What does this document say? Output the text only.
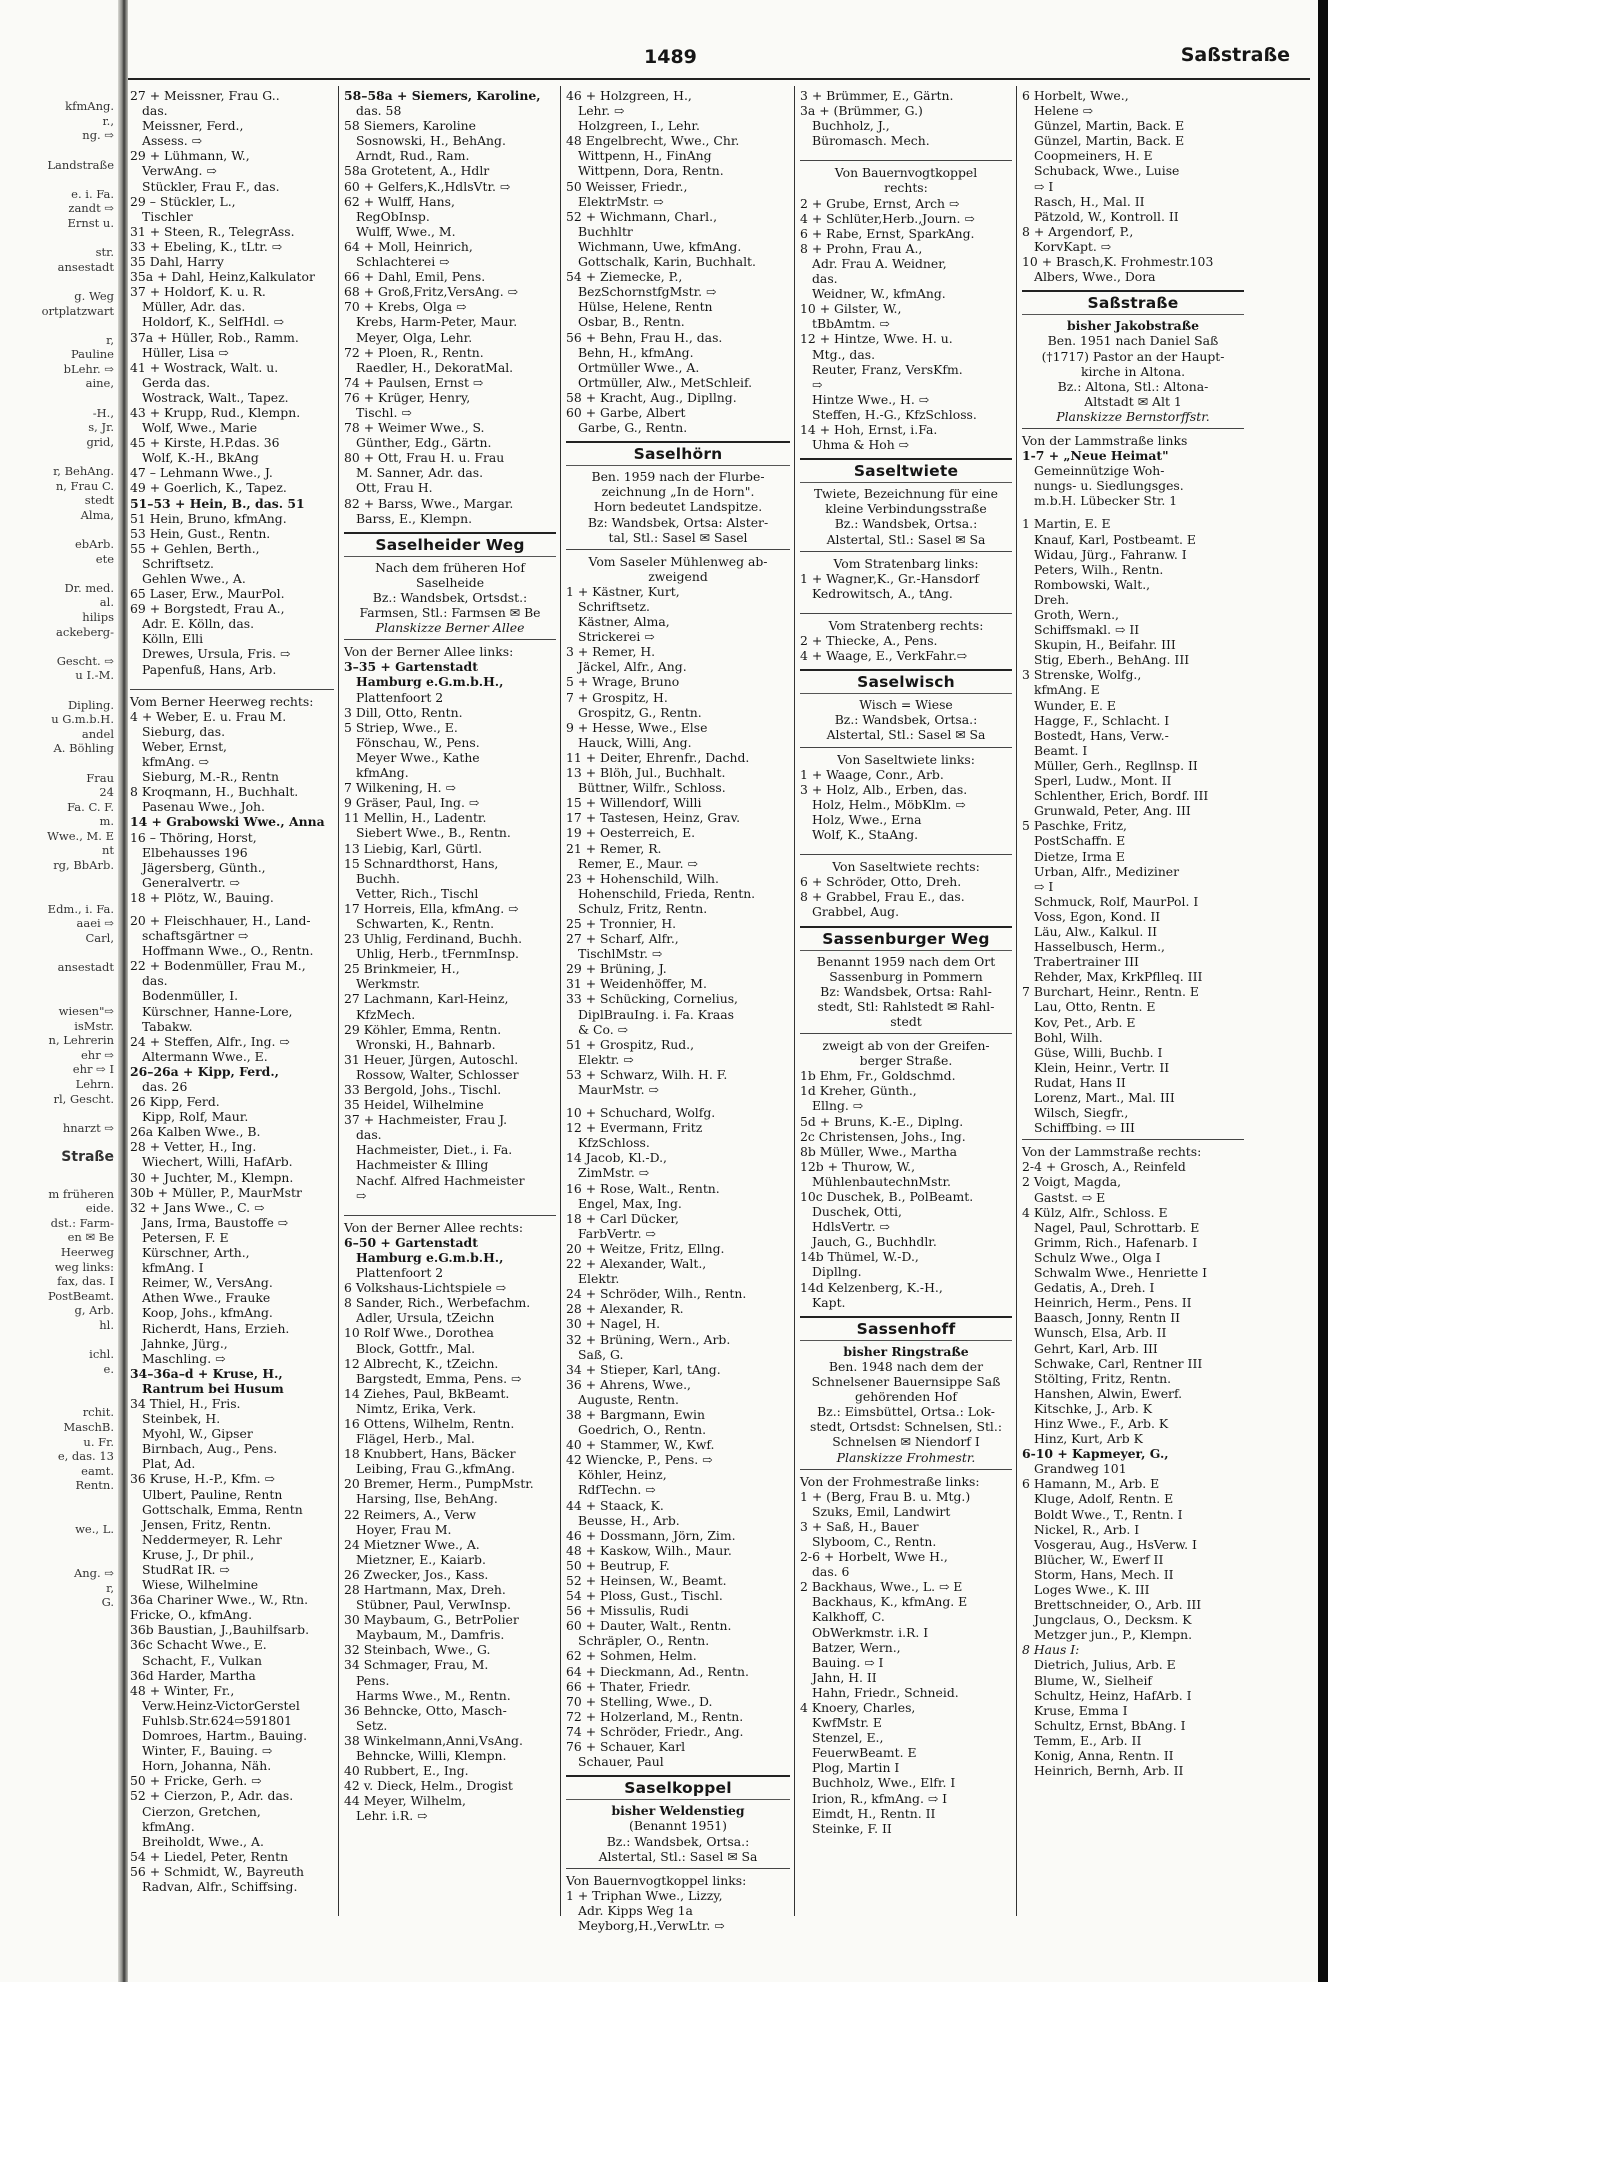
kfmAng.
r.,
ng. ⇨
Landstraße
e. i. Fa.
zandt ⇨
Ernst u.
str.
ansestadt
g. Weg
ortplatzwart
r,
Pauline
bLehr. ⇨
aine,
-H.,
s, Jr.
grid,
r, BehAng.
n, Frau C.
stedt
Alma,
ebArb.
ete
Dr. med.
al.
hilips
ackeberg-
Gescht. ⇨
u I.-M.
Dipling.
u G.m.b.H.
andel
A. Böhling
Frau
24
Fa. C. F.
m.
Wwe., M. E
nt
rg, BbArb.
Edm., i. Fa.
aaei ⇨
Carl,
ansestadt
wiesen"⇨
isMstr.
n, Lehrerin
ehr ⇨
ehr ⇨ I
Lehrn.
rl, Gescht.
hnarzt ⇨
Straße
m früheren
eide.
dst.: Farm-
en ✉ Be
Heerweg
weg links:
fax, das. I
PostBeamt.
g, Arb.
hl.
ichl.
e.
rchit.
MaschB.
u. Fr.
e, das. 13
eamt.
Rentn.
we., L.
Ang. ⇨
r,
G.
1489	Saßstraße
27 + Meissner, Frau G..
das.
Meissner, Ferd.,
Assess. ⇨
29 + Lühmann, W.,
VerwAng. ⇨
Stückler, Frau F., das.
29 – Stückler, L.,
Tischler
31 + Steen, R., TelegrAss.
33 + Ebeling, K., tLtr. ⇨
35 Dahl, Harry
35a + Dahl, Heinz,Kalkulator
37 + Holdorf, K. u. R.
Müller, Adr. das.
Holdorf, K., SelfHdl. ⇨
37a + Hüller, Rob., Ramm.
Hüller, Lisa ⇨
41 + Wostrack, Walt. u.
Gerda das.
Wostrack, Walt., Tapez.
43 + Krupp, Rud., Klempn.
Wolf, Wwe., Marie
45 + Kirste, H.P.das. 36
Wolf, K.-H., BkAng
47 – Lehmann Wwe., J.
49 + Goerlich, K., Tapez.
51–53 + Hein, B., das. 51
51 Hein, Bruno, kfmAng.
53 Hein, Gust., Rentn.
55 + Gehlen, Berth.,
Schriftsetz.
Gehlen Wwe., A.
65 Laser, Erw., MaurPol.
69 + Borgstedt, Frau A.,
Adr. E. Kölln, das.
Kölln, Elli
Drewes, Ursula, Fris. ⇨
Papenfuß, Hans, Arb.
Vom Berner Heerweg rechts:
4 + Weber, E. u. Frau M.
Sieburg, das.
Weber, Ernst,
kfmAng. ⇨
Sieburg, M.-R., Rentn
8 Kroqmann, H., Buchhalt.
Pasenau Wwe., Joh.
14 + Grabowski Wwe., Anna
16 – Thöring, Horst,
Elbehausses 196
Jägersberg, Günth.,
Generalvertr. ⇨
18 + Plötz, W., Bauing.
20 + Fleischhauer, H., Land-
schaftsgärtner ⇨
Hoffmann Wwe., O., Rentn.
22 + Bodenmüller, Frau M.,
das.
Bodenmüller, I.
Kürschner, Hanne-Lore,
Tabakw.
24 + Steffen, Alfr., Ing. ⇨
Altermann Wwe., E.
26–26a + Kipp, Ferd.,
das. 26
26 Kipp, Ferd.
Kipp, Rolf, Maur.
26a Kalben Wwe., B.
28 + Vetter, H., Ing.
Wiechert, Willi, HafArb.
30 + Juchter, M., Klempn.
30b + Müller, P., MaurMstr
32 + Jans Wwe., C. ⇨
Jans, Irma, Baustoffe ⇨
Petersen, F. E
Kürschner, Arth.,
kfmAng. I
Reimer, W., VersAng.
Athen Wwe., Frauke
Koop, Johs., kfmAng.
Richerdt, Hans, Erzieh.
Jahnke, Jürg.,
Maschling. ⇨
34–36a–d + Kruse, H.,
Rantrum bei Husum
34 Thiel, H., Fris.
Steinbek, H.
Myohl, W., Gipser
Birnbach, Aug., Pens.
Plat, Ad.
36 Kruse, H.-P., Kfm. ⇨
Ulbert, Pauline, Rentn
Gottschalk, Emma, Rentn
Jensen, Fritz, Rentn.
Neddermeyer, R. Lehr
Kruse, J., Dr phil.,
StudRat IR. ⇨
Wiese, Wilhelmine
36a Chariner Wwe., W., Rtn.
Fricke, O., kfmAng.
36b Baustian, J.,Bauhilfsarb.
36c Schacht Wwe., E.
Schacht, F., Vulkan
36d Harder, Martha
48 + Winter, Fr.,
Verw.Heinz-VictorGerstel
Fuhlsb.Str.624⇨591801
Domroes, Hartm., Bauing.
Winter, F., Bauing. ⇨
Horn, Johanna, Näh.
50 + Fricke, Gerh. ⇨
52 + Cierzon, P., Adr. das.
Cierzon, Gretchen,
kfmAng.
Breiholdt, Wwe., A.
54 + Liedel, Peter, Rentn
56 + Schmidt, W., Bayreuth
Radvan, Alfr., Schiffsing.
58–58a + Siemers, Karoline,
das. 58
58 Siemers, Karoline
Sosnowski, H., BehAng.
Arndt, Rud., Ram.
58a Grotetent, A., Hdlr
60 + Gelfers,K.,HdlsVtr. ⇨
62 + Wulff, Hans,
RegObInsp.
Wulff, Wwe., M.
64 + Moll, Heinrich,
Schlachterei ⇨
66 + Dahl, Emil, Pens.
68 + Groß,Fritz,VersAng. ⇨
70 + Krebs, Olga ⇨
Krebs, Harm-Peter, Maur.
Meyer, Olga, Lehr.
72 + Ploen, R., Rentn.
Raedler, H., DekoratMal.
74 + Paulsen, Ernst ⇨
76 + Krüger, Henry,
Tischl. ⇨
78 + Weimer Wwe., S.
Günther, Edg., Gärtn.
80 + Ott, Frau H. u. Frau
M. Sanner, Adr. das.
Ott, Frau H.
82 + Barss, Wwe., Margar.
Barss, E., Klempn.
Saselheider Weg
Nach dem früheren Hof
Saselheide
Bz.: Wandsbek, Ortsdst.:
Farmsen, Stl.: Farmsen ✉ Be
Planskizze Berner Allee
Von der Berner Allee links:
3–35 + Gartenstadt
Hamburg e.G.m.b.H.,
Plattenfoort 2
3 Dill, Otto, Rentn.
5 Striep, Wwe., E.
Fönschau, W., Pens.
Meyer Wwe., Kathe
kfmAng.
7 Wilkening, H. ⇨
9 Gräser, Paul, Ing. ⇨
11 Mellin, H., Ladentr.
Siebert Wwe., B., Rentn.
13 Liebig, Karl, Gürtl.
15 Schnardthorst, Hans,
Buchh.
Vetter, Rich., Tischl
17 Horreis, Ella, kfmAng. ⇨
Schwarten, K., Rentn.
23 Uhlig, Ferdinand, Buchh.
Uhlig, Herb., tFernmInsp.
25 Brinkmeier, H.,
Werkmstr.
27 Lachmann, Karl-Heinz,
KfzMech.
29 Köhler, Emma, Rentn.
Wronski, H., Bahnarb.
31 Heuer, Jürgen, Autoschl.
Rossow, Walter, Schlosser
33 Bergold, Johs., Tischl.
35 Heidel, Wilhelmine
37 + Hachmeister, Frau J.
das.
Hachmeister, Diet., i. Fa.
Hachmeister & Illing
Nachf. Alfred Hachmeister
⇨
Von der Berner Allee rechts:
6–50 + Gartenstadt
Hamburg e.G.m.b.H.,
Plattenfoort 2
6 Volkshaus-Lichtspiele ⇨
8 Sander, Rich., Werbefachm.
Adler, Ursula, tZeichn
10 Rolf Wwe., Dorothea
Block, Gottfr., Mal.
12 Albrecht, K., tZeichn.
Bargstedt, Emma, Pens. ⇨
14 Ziehes, Paul, BkBeamt.
Nimtz, Erika, Verk.
16 Ottens, Wilhelm, Rentn.
Flägel, Herb., Mal.
18 Knubbert, Hans, Bäcker
Leibing, Frau G.,kfmAng.
20 Bremer, Herm., PumpMstr.
Harsing, Ilse, BehAng.
22 Reimers, A., Verw
Hoyer, Frau M.
24 Mietzner Wwe., A.
Mietzner, E., Kaiarb.
26 Zwecker, Jos., Kass.
28 Hartmann, Max, Dreh.
Stübner, Paul, VerwInsp.
30 Maybaum, G., BetrPolier
Maybaum, M., Damfris.
32 Steinbach, Wwe., G.
34 Schmager, Frau, M.
Pens.
Harms Wwe., M., Rentn.
36 Behncke, Otto, Masch-
Setz.
38 Winkelmann,Anni,VsAng.
Behncke, Willi, Klempn.
40 Rubbert, E., Ing.
42 v. Dieck, Helm., Drogist
44 Meyer, Wilhelm,
Lehr. i.R. ⇨
46 + Holzgreen, H.,
Lehr. ⇨
Holzgreen, I., Lehr.
48 Engelbrecht, Wwe., Chr.
Wittpenn, H., FinAng
Wittpenn, Dora, Rentn.
50 Weisser, Friedr.,
ElektrMstr. ⇨
52 + Wichmann, Charl.,
Buchhltr
Wichmann, Uwe, kfmAng.
Gottschalk, Karin, Buchhalt.
54 + Ziemecke, P.,
BezSchornstfgMstr. ⇨
Hülse, Helene, Rentn
Osbar, B., Rentn.
56 + Behn, Frau H., das.
Behn, H., kfmAng.
Ortmüller Wwe., A.
Ortmüller, Alw., MetSchleif.
58 + Kracht, Aug., Dipllng.
60 + Garbe, Albert
Garbe, G., Rentn.
Saselhörn
Ben. 1959 nach der Flurbe-
zeichnung „In de Horn".
Horn bedeutet Landspitze.
Bz: Wandsbek, Ortsa: Alster-
tal, Stl.: Sasel ✉ Sasel
Vom Saseler Mühlenweg ab-
zweigend
1 + Kästner, Kurt,
Schriftsetz.
Kästner, Alma,
Strickerei ⇨
3 + Remer, H.
Jäckel, Alfr., Ang.
5 + Wrage, Bruno
7 + Grospitz, H.
Grospitz, G., Rentn.
9 + Hesse, Wwe., Else
Hauck, Willi, Ang.
11 + Deiter, Ehrenfr., Dachd.
13 + Blöh, Jul., Buchhalt.
Büttner, Wilfr., Schloss.
15 + Willendorf, Willi
17 + Tastesen, Heinz, Grav.
19 + Oesterreich, E.
21 + Remer, R.
Remer, E., Maur. ⇨
23 + Hohenschild, Wilh.
Hohenschild, Frieda, Rentn.
Schulz, Fritz, Rentn.
25 + Tronnier, H.
27 + Scharf, Alfr.,
TischlMstr. ⇨
29 + Brüning, J.
31 + Weidenhöffer, M.
33 + Schücking, Cornelius,
DiplBrauIng. i. Fa. Kraas
& Co. ⇨
51 + Grospitz, Rud.,
Elektr. ⇨
53 + Schwarz, Wilh. H. F.
MaurMstr. ⇨
10 + Schuchard, Wolfg.
12 + Evermann, Fritz
KfzSchloss.
14 Jacob, Kl.-D.,
ZimMstr. ⇨
16 + Rose, Walt., Rentn.
Engel, Max, Ing.
18 + Carl Dücker,
FarbVertr. ⇨
20 + Weitze, Fritz, Ellng.
22 + Alexander, Walt.,
Elektr.
24 + Schröder, Wilh., Rentn.
28 + Alexander, R.
30 + Nagel, H.
32 + Brüning, Wern., Arb.
Saß, G.
34 + Stieper, Karl, tAng.
36 + Ahrens, Wwe.,
Auguste, Rentn.
38 + Bargmann, Ewin
Goedrich, O., Rentn.
40 + Stammer, W., Kwf.
42 Wiencke, P., Pens. ⇨
Köhler, Heinz,
RdfTechn. ⇨
44 + Staack, K.
Beusse, H., Arb.
46 + Dossmann, Jörn, Zim.
48 + Kaskow, Wilh., Maur.
50 + Beutrup, F.
52 + Heinsen, W., Beamt.
54 + Ploss, Gust., Tischl.
56 + Missulis, Rudi
60 + Dauter, Walt., Rentn.
Schräpler, O., Rentn.
62 + Sohmen, Helm.
64 + Dieckmann, Ad., Rentn.
66 + Thater, Friedr.
70 + Stelling, Wwe., D.
72 + Holzerland, M., Rentn.
74 + Schröder, Friedr., Ang.
76 + Schauer, Karl
Schauer, Paul
Saselkoppel
bisher Weldenstieg
(Benannt 1951)
Bz.: Wandsbek, Ortsa.:
Alstertal, Stl.: Sasel ✉ Sa
Von Bauernvogtkoppel links:
1 + Triphan Wwe., Lizzy,
Adr. Kipps Weg 1a
Meyborg,H.,VerwLtr. ⇨
3 + Brümmer, E., Gärtn.
3a + (Brümmer, G.)
Buchholz, J.,
Büromasch. Mech.
Von Bauernvogtkoppel
rechts:
2 + Grube, Ernst, Arch ⇨
4 + Schlüter,Herb.,Journ. ⇨
6 + Rabe, Ernst, SparkAng.
8 + Prohn, Frau A.,
Adr. Frau A. Weidner,
das.
Weidner, W., kfmAng.
10 + Gilster, W.,
tBbAmtm. ⇨
12 + Hintze, Wwe. H. u.
Mtg., das.
Reuter, Franz, VersKfm.
⇨
Hintze Wwe., H. ⇨
Steffen, H.-G., KfzSchloss.
14 + Hoh, Ernst, i.Fa.
Uhma & Hoh ⇨
Saseltwiete
Twiete, Bezeichnung für eine
kleine Verbindungsstraße
Bz.: Wandsbek, Ortsa.:
Alstertal, Stl.: Sasel ✉ Sa
Vom Stratenbarg links:
1 + Wagner,K., Gr.-Hansdorf
Kedrowitsch, A., tAng.
Vom Stratenberg rechts:
2 + Thiecke, A., Pens.
4 + Waage, E., VerkFahr.⇨
Saselwisch
Wisch = Wiese
Bz.: Wandsbek, Ortsa.:
Alstertal, Stl.: Sasel ✉ Sa
Von Saseltwiete links:
1 + Waage, Conr., Arb.
3 + Holz, Alb., Erben, das.
Holz, Helm., MöbKlm. ⇨
Holz, Wwe., Erna
Wolf, K., StaAng.
Von Saseltwiete rechts:
6 + Schröder, Otto, Dreh.
8 + Grabbel, Frau E., das.
Grabbel, Aug.
Sassenburger Weg
Benannt 1959 nach dem Ort
Sassenburg in Pommern
Bz: Wandsbek, Ortsa: Rahl-
stedt, Stl: Rahlstedt ✉ Rahl-
stedt
zweigt ab von der Greifen-
berger Straße.
1b Ehm, Fr., Goldschmd.
1d Kreher, Günth.,
Ellng. ⇨
5d + Bruns, K.-E., Diplng.
2c Christensen, Johs., Ing.
8b Müller, Wwe., Martha
12b + Thurow, W.,
MühlenbautechnMstr.
10c Duschek, B., PolBeamt.
Duschek, Otti,
HdlsVertr. ⇨
Jauch, G., Buchhdlr.
14b Thümel, W.-D.,
Dipllng.
14d Kelzenberg, K.-H.,
Kapt.
Sassenhoff
bisher Ringstraße
Ben. 1948 nach dem der
Schnelsener Bauernsippe Saß
gehörenden Hof
Bz.: Eimsbüttel, Ortsa.: Lok-
stedt, Ortsdst: Schnelsen, Stl.:
Schnelsen ✉ Niendorf I
Planskizze Frohmestr.
Von der Frohmestraße links:
1 + (Berg, Frau B. u. Mtg.)
Szuks, Emil, Landwirt
3 + Saß, H., Bauer
Slyboom, C., Rentn.
2-6 + Horbelt, Wwe H.,
das. 6
2 Backhaus, Wwe., L. ⇨ E
Backhaus, K., kfmAng. E
Kalkhoff, C.
ObWerkmstr. i.R. I
Batzer, Wern.,
Bauing. ⇨ I
Jahn, H. II
Hahn, Friedr., Schneid.
4 Knoery, Charles,
KwfMstr. E
Stenzel, E.,
FeuerwBeamt. E
Plog, Martin I
Buchholz, Wwe., Elfr. I
Irion, R., kfmAng. ⇨ I
Eimdt, H., Rentn. II
Steinke, F. II
6 Horbelt, Wwe.,
Helene ⇨
Günzel, Martin, Back. E
Günzel, Martin, Back. E
Coopmeiners, H. E
Schuback, Wwe., Luise
⇨ I
Rasch, H., Mal. II
Pätzold, W., Kontroll. II
8 + Argendorf, P.,
KorvKapt. ⇨
10 + Brasch,K. Frohmestr.103
Albers, Wwe., Dora
Saßstraße
bisher Jakobstraße
Ben. 1951 nach Daniel Saß
(†1717) Pastor an der Haupt-
kirche in Altona.
Bz.: Altona, Stl.: Altona-
Altstadt ✉ Alt 1
Planskizze Bernstorffstr.
Von der Lammstraße links
1-7 + „Neue Heimat"
Gemeinnützige Woh-
nungs- u. Siedlungsges.
m.b.H. Lübecker Str. 1
1 Martin, E. E
Knauf, Karl, Postbeamt. E
Widau, Jürg., Fahranw. I
Peters, Wilh., Rentn.
Rombowski, Walt.,
Dreh.
Groth, Wern.,
Schiffsmakl. ⇨ II
Skupin, H., Beifahr. III
Stig, Eberh., BehAng. III
3 Strenske, Wolfg.,
kfmAng. E
Wunder, E. E
Hagge, F., Schlacht. I
Bostedt, Hans, Verw.-
Beamt. I
Müller, Gerh., Regllnsp. II
Sperl, Ludw., Mont. II
Schlenther, Erich, Bordf. III
Grunwald, Peter, Ang. III
5 Paschke, Fritz,
PostSchaffn. E
Dietze, Irma E
Urban, Alfr., Mediziner
⇨ I
Schmuck, Rolf, MaurPol. I
Voss, Egon, Kond. II
Läu, Alw., Kalkul. II
Hasselbusch, Herm.,
Trabertrainer III
Rehder, Max, KrkPflleq. III
7 Burchart, Heinr., Rentn. E
Lau, Otto, Rentn. E
Kov, Pet., Arb. E
Bohl, Wilh.
Güse, Willi, Buchb. I
Klein, Heinr., Vertr. II
Rudat, Hans II
Lorenz, Mart., Mal. III
Wilsch, Siegfr.,
Schiffbing. ⇨ III
Von der Lammstraße rechts:
2-4 + Grosch, A., Reinfeld
2 Voigt, Magda,
Gastst. ⇨ E
4 Külz, Alfr., Schloss. E
Nagel, Paul, Schrottarb. E
Grimm, Rich., Hafenarb. I
Schulz Wwe., Olga I
Schwalm Wwe., Henriette I
Gedatis, A., Dreh. I
Heinrich, Herm., Pens. II
Baasch, Jonny, Rentn II
Wunsch, Elsa, Arb. II
Gehrt, Karl, Arb. III
Schwake, Carl, Rentner III
Stölting, Fritz, Rentn.
Hanshen, Alwin, Ewerf.
Kitschke, J., Arb. K
Hinz Wwe., F., Arb. K
Hinz, Kurt, Arb K
6-10 + Kapmeyer, G.,
Grandweg 101
6 Hamann, M., Arb. E
Kluge, Adolf, Rentn. E
Boldt Wwe., T., Rentn. I
Nickel, R., Arb. I
Vosgerau, Aug., HsVerw. I
Blücher, W., Ewerf II
Storm, Hans, Mech. II
Loges Wwe., K. III
Brettschneider, O., Arb. III
Jungclaus, O., Decksm. K
Metzger jun., P., Klempn.
8 Haus I:
Dietrich, Julius, Arb. E
Blume, W., Sielheif
Schultz, Heinz, HafArb. I
Kruse, Emma I
Schultz, Ernst, BbAng. I
Temm, E., Arb. II
Konig, Anna, Rentn. II
Heinrich, Bernh, Arb. II
